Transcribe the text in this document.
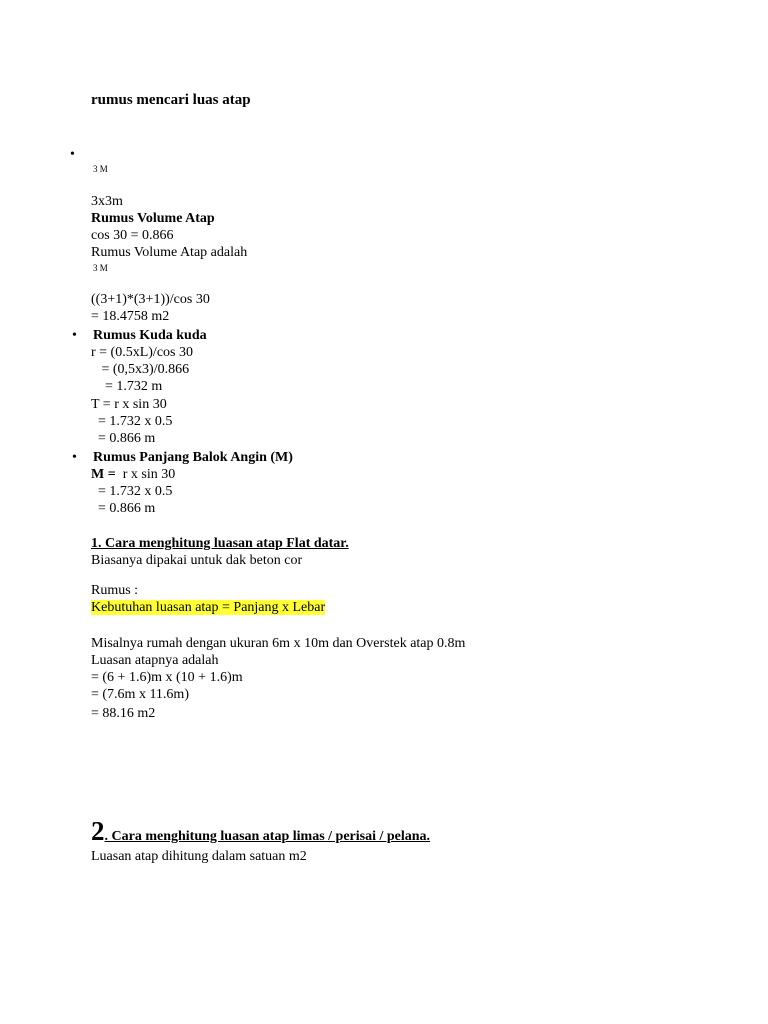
rumus mencari luas atap
•
3 M
3x3m
Rumus Volume Atap
cos 30 = 0.866
Rumus Volume Atap adalah
3 M
((3+1)*(3+1))/cos 30
= 18.4758 m2
• Rumus Kuda kuda
r = (0.5xL)/cos 30
= (0,5x3)/0.866
= 1.732 m
T = r x sin 30
= 1.732 x 0.5
= 0.866 m
• Rumus Panjang Balok Angin (M)
M =  r x sin 30
= 1.732 x 0.5
= 0.866 m
1. Cara menghitung luasan atap Flat datar.
Biasanya dipakai untuk dak beton cor
Rumus :
Kebutuhan luasan atap = Panjang x Lebar
Misalnya rumah dengan ukuran 6m x 10m dan Overstek atap 0.8m
Luasan atapnya adalah
= (6 + 1.6)m x (10 + 1.6)m
= (7.6m x 11.6m)
= 88.16 m2
2. Cara menghitung luasan atap limas / perisai / pelana.
Luasan atap dihitung dalam satuan m2
